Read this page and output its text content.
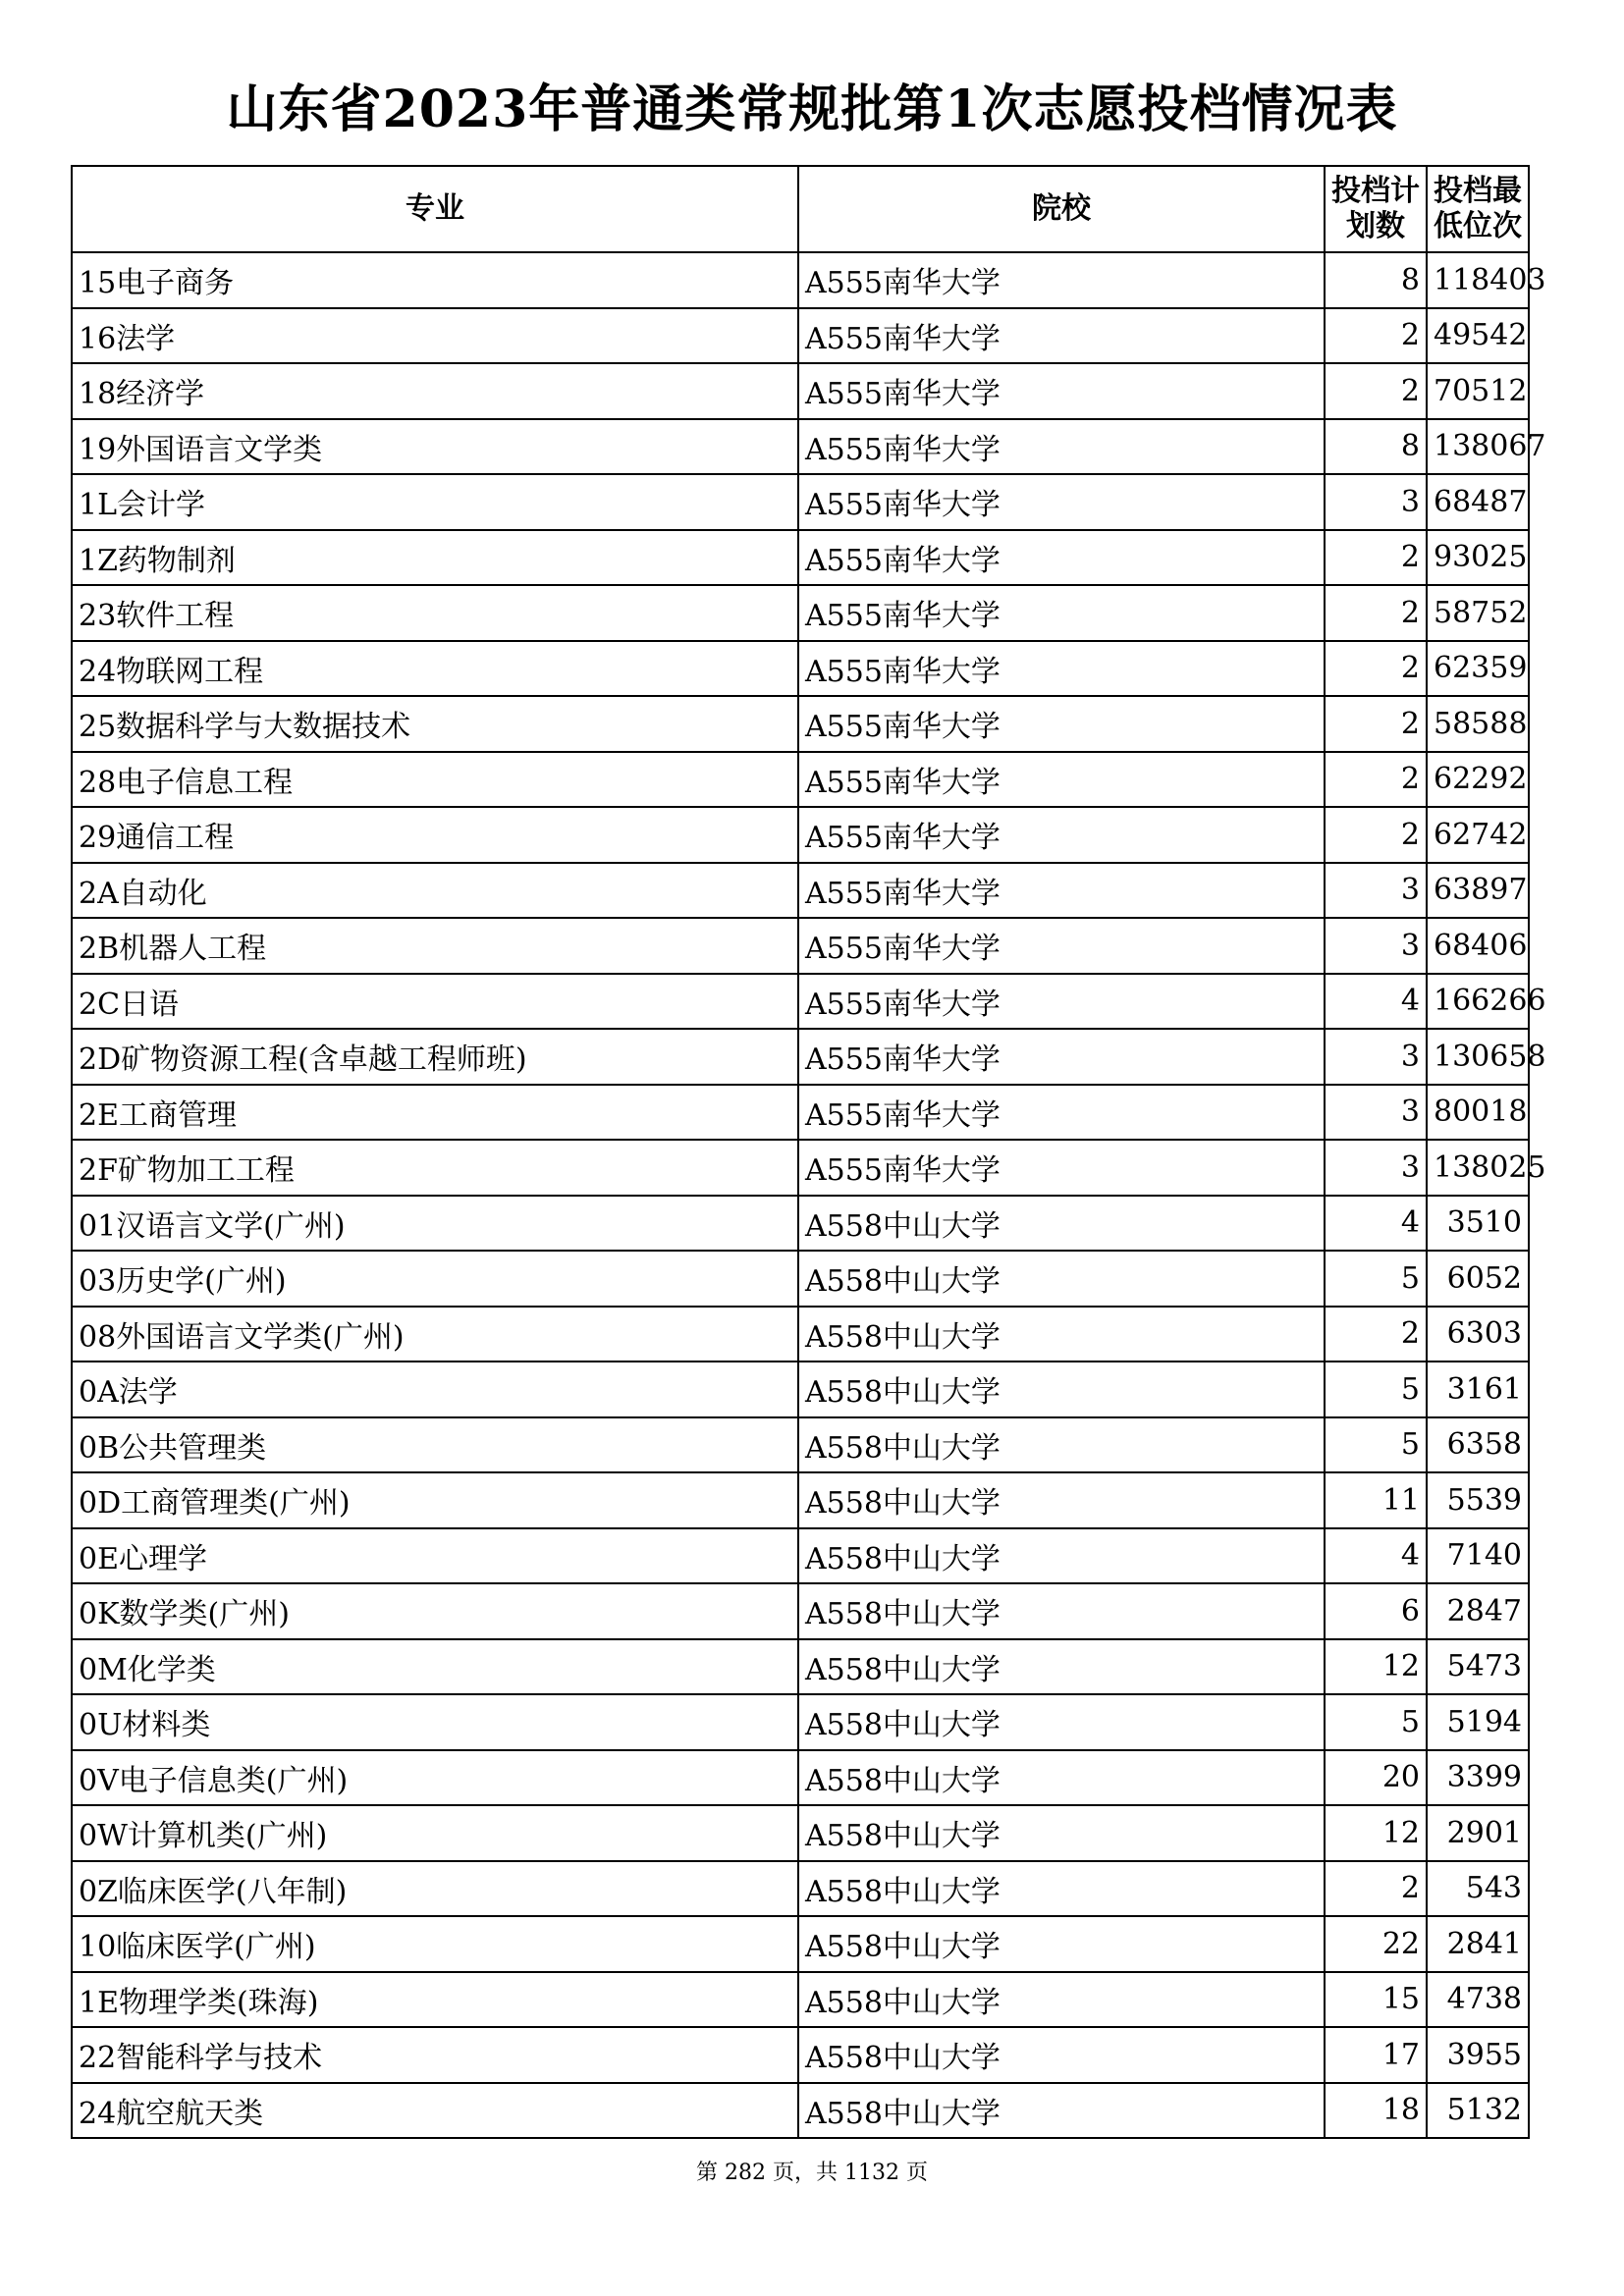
山东省2023年普通类常规批第1次志愿投档情况表
专业	院校	投档计划数	投档最低位次
15电子商务	A555南华大学	8	118403
16法学	A555南华大学	2	49542
18经济学	A555南华大学	2	70512
19外国语言文学类	A555南华大学	8	138067
1L会计学	A555南华大学	3	68487
1Z药物制剂	A555南华大学	2	93025
23软件工程	A555南华大学	2	58752
24物联网工程	A555南华大学	2	62359
25数据科学与大数据技术	A555南华大学	2	58588
28电子信息工程	A555南华大学	2	62292
29通信工程	A555南华大学	2	62742
2A自动化	A555南华大学	3	63897
2B机器人工程	A555南华大学	3	68406
2C日语	A555南华大学	4	166266
2D矿物资源工程(含卓越工程师班)	A555南华大学	3	130658
2E工商管理	A555南华大学	3	80018
2F矿物加工工程	A555南华大学	3	138025
01汉语言文学(广州)	A558中山大学	4	3510
03历史学(广州)	A558中山大学	5	6052
08外国语言文学类(广州)	A558中山大学	2	6303
0A法学	A558中山大学	5	3161
0B公共管理类	A558中山大学	5	6358
0D工商管理类(广州)	A558中山大学	11	5539
0E心理学	A558中山大学	4	7140
0K数学类(广州)	A558中山大学	6	2847
0M化学类	A558中山大学	12	5473
0U材料类	A558中山大学	5	5194
0V电子信息类(广州)	A558中山大学	20	3399
0W计算机类(广州)	A558中山大学	12	2901
0Z临床医学(八年制)	A558中山大学	2	543
10临床医学(广州)	A558中山大学	22	2841
1E物理学类(珠海)	A558中山大学	15	4738
22智能科学与技术	A558中山大学	17	3955
24航空航天类	A558中山大学	18	5132
第 282 页，共 1132 页
